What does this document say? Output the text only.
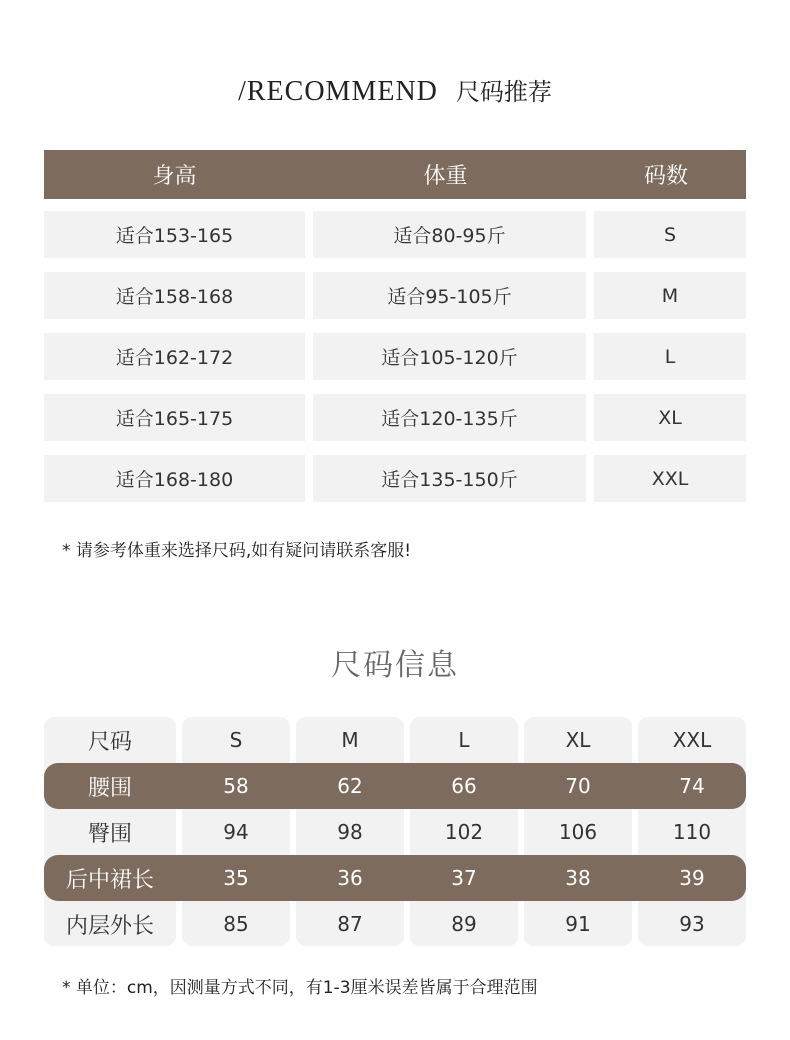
/RECOMMEND 尺码推荐
身高	体重	码数
适合153-165	适合80-95斤	S
适合158-168	适合95-105斤	M
适合162-172	适合105-120斤	L
适合165-175	适合120-135斤	XL
适合168-180	适合135-150斤	XXL
* 请参考体重来选择尺码,如有疑问请联系客服!
尺码信息
尺码	S	M	L	XL	XXL
腰围	58	62	66	70	74
臀围	94	98	102	106	110
后中裙长	35	36	37	38	39
内层外长	85	87	89	91	93
* 单位：cm，因测量方式不同，有1-3厘米误差皆属于合理范围
